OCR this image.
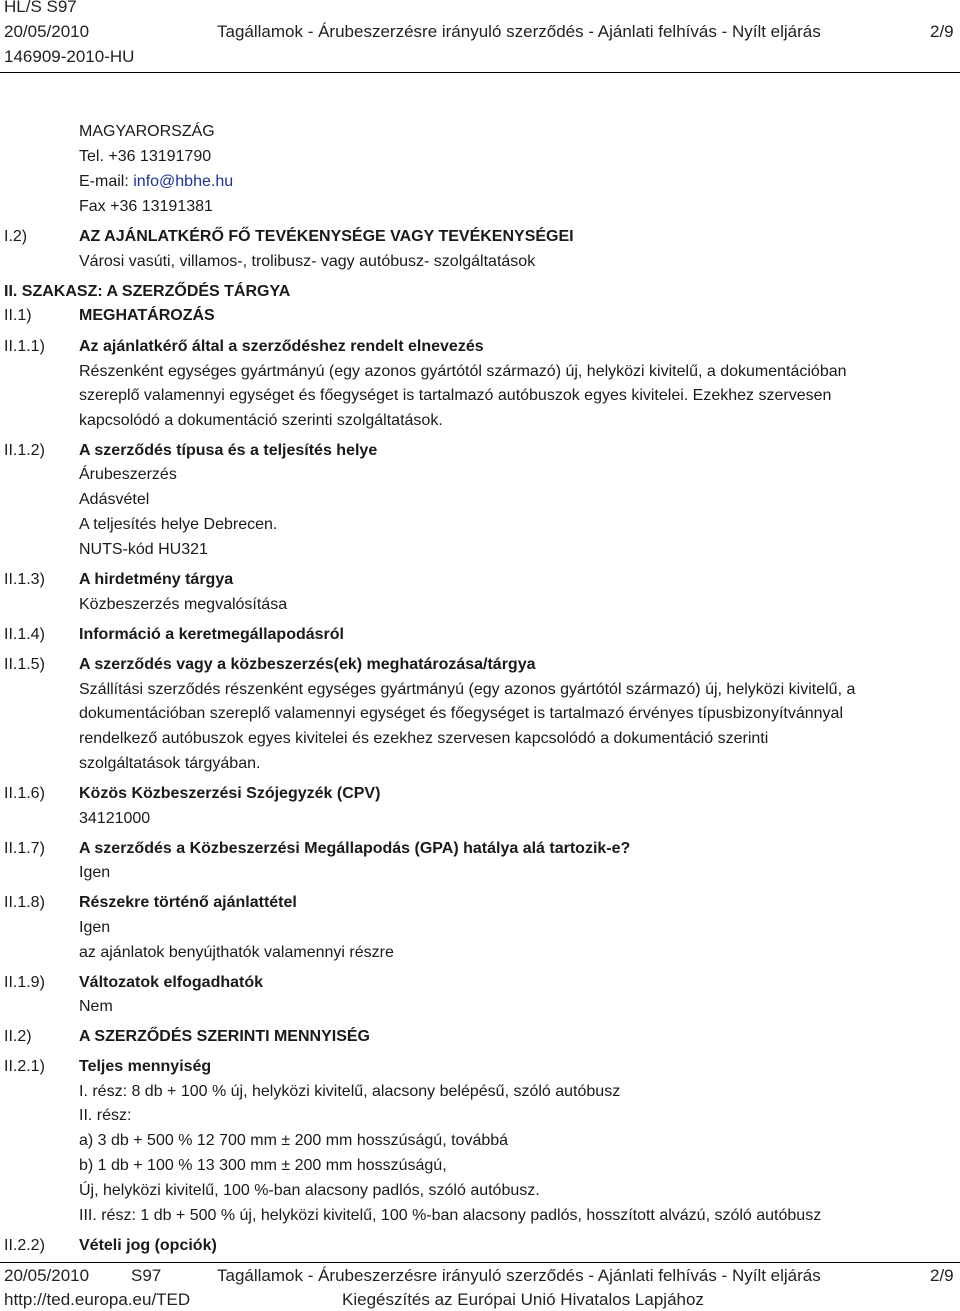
HL/S S97
20/05/2010	Tagállamok - Árubeszerzésre irányuló szerződés - Ajánlati felhívás - Nyílt eljárás	2/9
146909-2010-HU
MAGYARORSZÁG
Tel. +36 13191790
E-mail: info@hbhe.hu
Fax +36 13191381
I.2)	AZ AJÁNLATKÉRŐ FŐ TEVÉKENYSÉGE VAGY TEVÉKENYSÉGEI
Városi vasúti, villamos-, trolibusz- vagy autóbusz- szolgáltatások
II. SZAKASZ: A SZERZŐDÉS TÁRGYA
II.1)	MEGHATÁROZÁS
II.1.1) Az ajánlatkérő által a szerződéshez rendelt elnevezés
Részenként egységes gyártmányú (egy azonos gyártótól származó) új, helyközi kivitelű, a dokumentációban
szereplő valamennyi egységet és főegységet is tartalmazó autóbuszok egyes kivitelei. Ezekhez szervesen
kapcsolódó a dokumentáció szerinti szolgáltatások.
II.1.2) A szerződés típusa és a teljesítés helye
Árubeszerzés
Adásvétel
A teljesítés helye Debrecen.
NUTS-kód HU321
II.1.3) A hirdetmény tárgya
Közbeszerzés megvalósítása
II.1.4) Információ a keretmegállapodásról
II.1.5) A szerződés vagy a közbeszerzés(ek) meghatározása/tárgya
Szállítási szerződés részenként egységes gyártmányú (egy azonos gyártótól származó) új, helyközi kivitelű, a
dokumentációban szereplő valamennyi egységet és főegységet is tartalmazó érvényes típusbizonyítvánnyal
rendelkező autóbuszok egyes kivitelei és ezekhez szervesen kapcsolódó a dokumentáció szerinti
szolgáltatások tárgyában.
II.1.6) Közös Közbeszerzési Szójegyzék (CPV)
34121000
II.1.7) A szerződés a Közbeszerzési Megállapodás (GPA) hatálya alá tartozik-e?
Igen
II.1.8) Részekre történő ajánlattétel
Igen
az ajánlatok benyújthatók valamennyi részre
II.1.9) Változatok elfogadhatók
Nem
II.2)	A SZERZŐDÉS SZERINTI MENNYISÉG
II.2.1) Teljes mennyiség
I. rész: 8 db + 100 % új, helyközi kivitelű, alacsony belépésű, szóló autóbusz
II. rész:
a) 3 db + 500 % 12 700 mm ± 200 mm hosszúságú, továbbá
b) 1 db + 100 % 13 300 mm ± 200 mm hosszúságú,
Új, helyközi kivitelű, 100 %-ban alacsony padlós, szóló autóbusz.
III. rész: 1 db + 500 % új, helyközi kivitelű, 100 %-ban alacsony padlós, hosszított alvázú, szóló autóbusz
II.2.2) Vételi jog (opciók)
20/05/2010 S97	Tagállamok - Árubeszerzésre irányuló szerződés - Ajánlati felhívás - Nyílt eljárás	2/9
http://ted.europa.eu/TED	Kiegészítés az Európai Unió Hivatalos Lapjához
